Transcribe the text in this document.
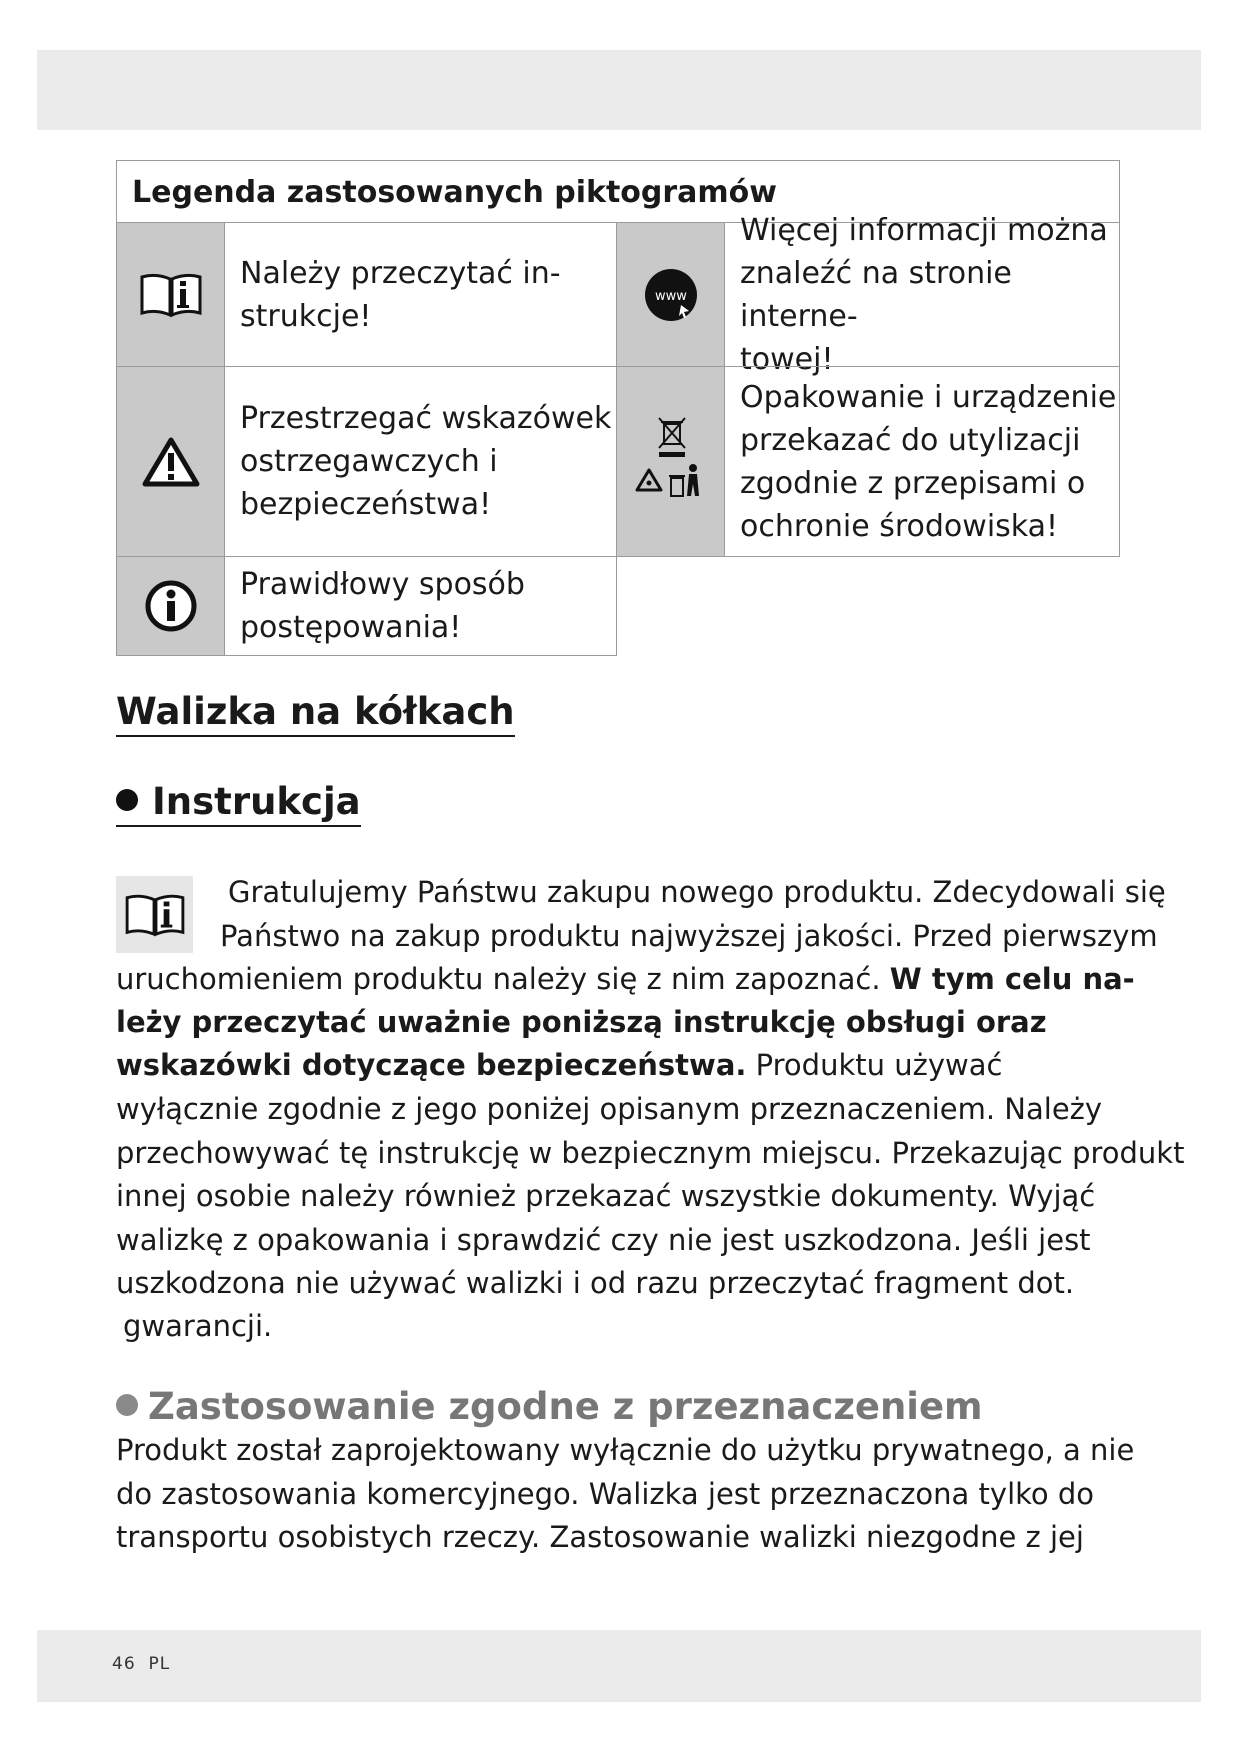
Legenda zastosowanych piktogramów
Należy przeczytać in-
strukcje!
www
Więcej informacji można
znaleźć na stronie interne-
towej!
Przestrzegać wskazówek
ostrzegawczych i
bezpieczeństwa!
Opakowanie i urządzenie
przekazać do utylizacji
zgodnie z przepisami o
ochronie środowiska!
Prawidłowy sposób
postępowania!
Walizka na kółkach
Instrukcja

Gratulujemy Państwu zakupu nowego produktu. Zdecydowali się

Państwo na zakup produktu najwyższej jakości. Przed pierwszym

uruchomieniem produktu należy się z nim zapoznać. W tym celu na-

leży przeczytać uważnie poniższą instrukcję obsługi oraz

wskazówki dotyczące bezpieczeństwa. Produktu używać

wyłącznie zgodnie z jego poniżej opisanym przeznaczeniem. Należy

przechowywać tę instrukcję w bezpiecznym miejscu. Przekazując produkt

innej osobie należy również przekazać wszystkie dokumenty. Wyjąć

walizkę z opakowania i sprawdzić czy nie jest uszkodzona. Jeśli jest

uszkodzona nie używać walizki i od razu przeczytać fragment dot.

gwarancji.

Zastosowanie zgodne z przeznaczeniem

Produkt został zaprojektowany wyłącznie do użytku prywatnego, a nie

do zastosowania komercyjnego. Walizka jest przeznaczona tylko do

transportu osobistych rzeczy. Zastosowanie walizki niezgodne z jej

46 PL
